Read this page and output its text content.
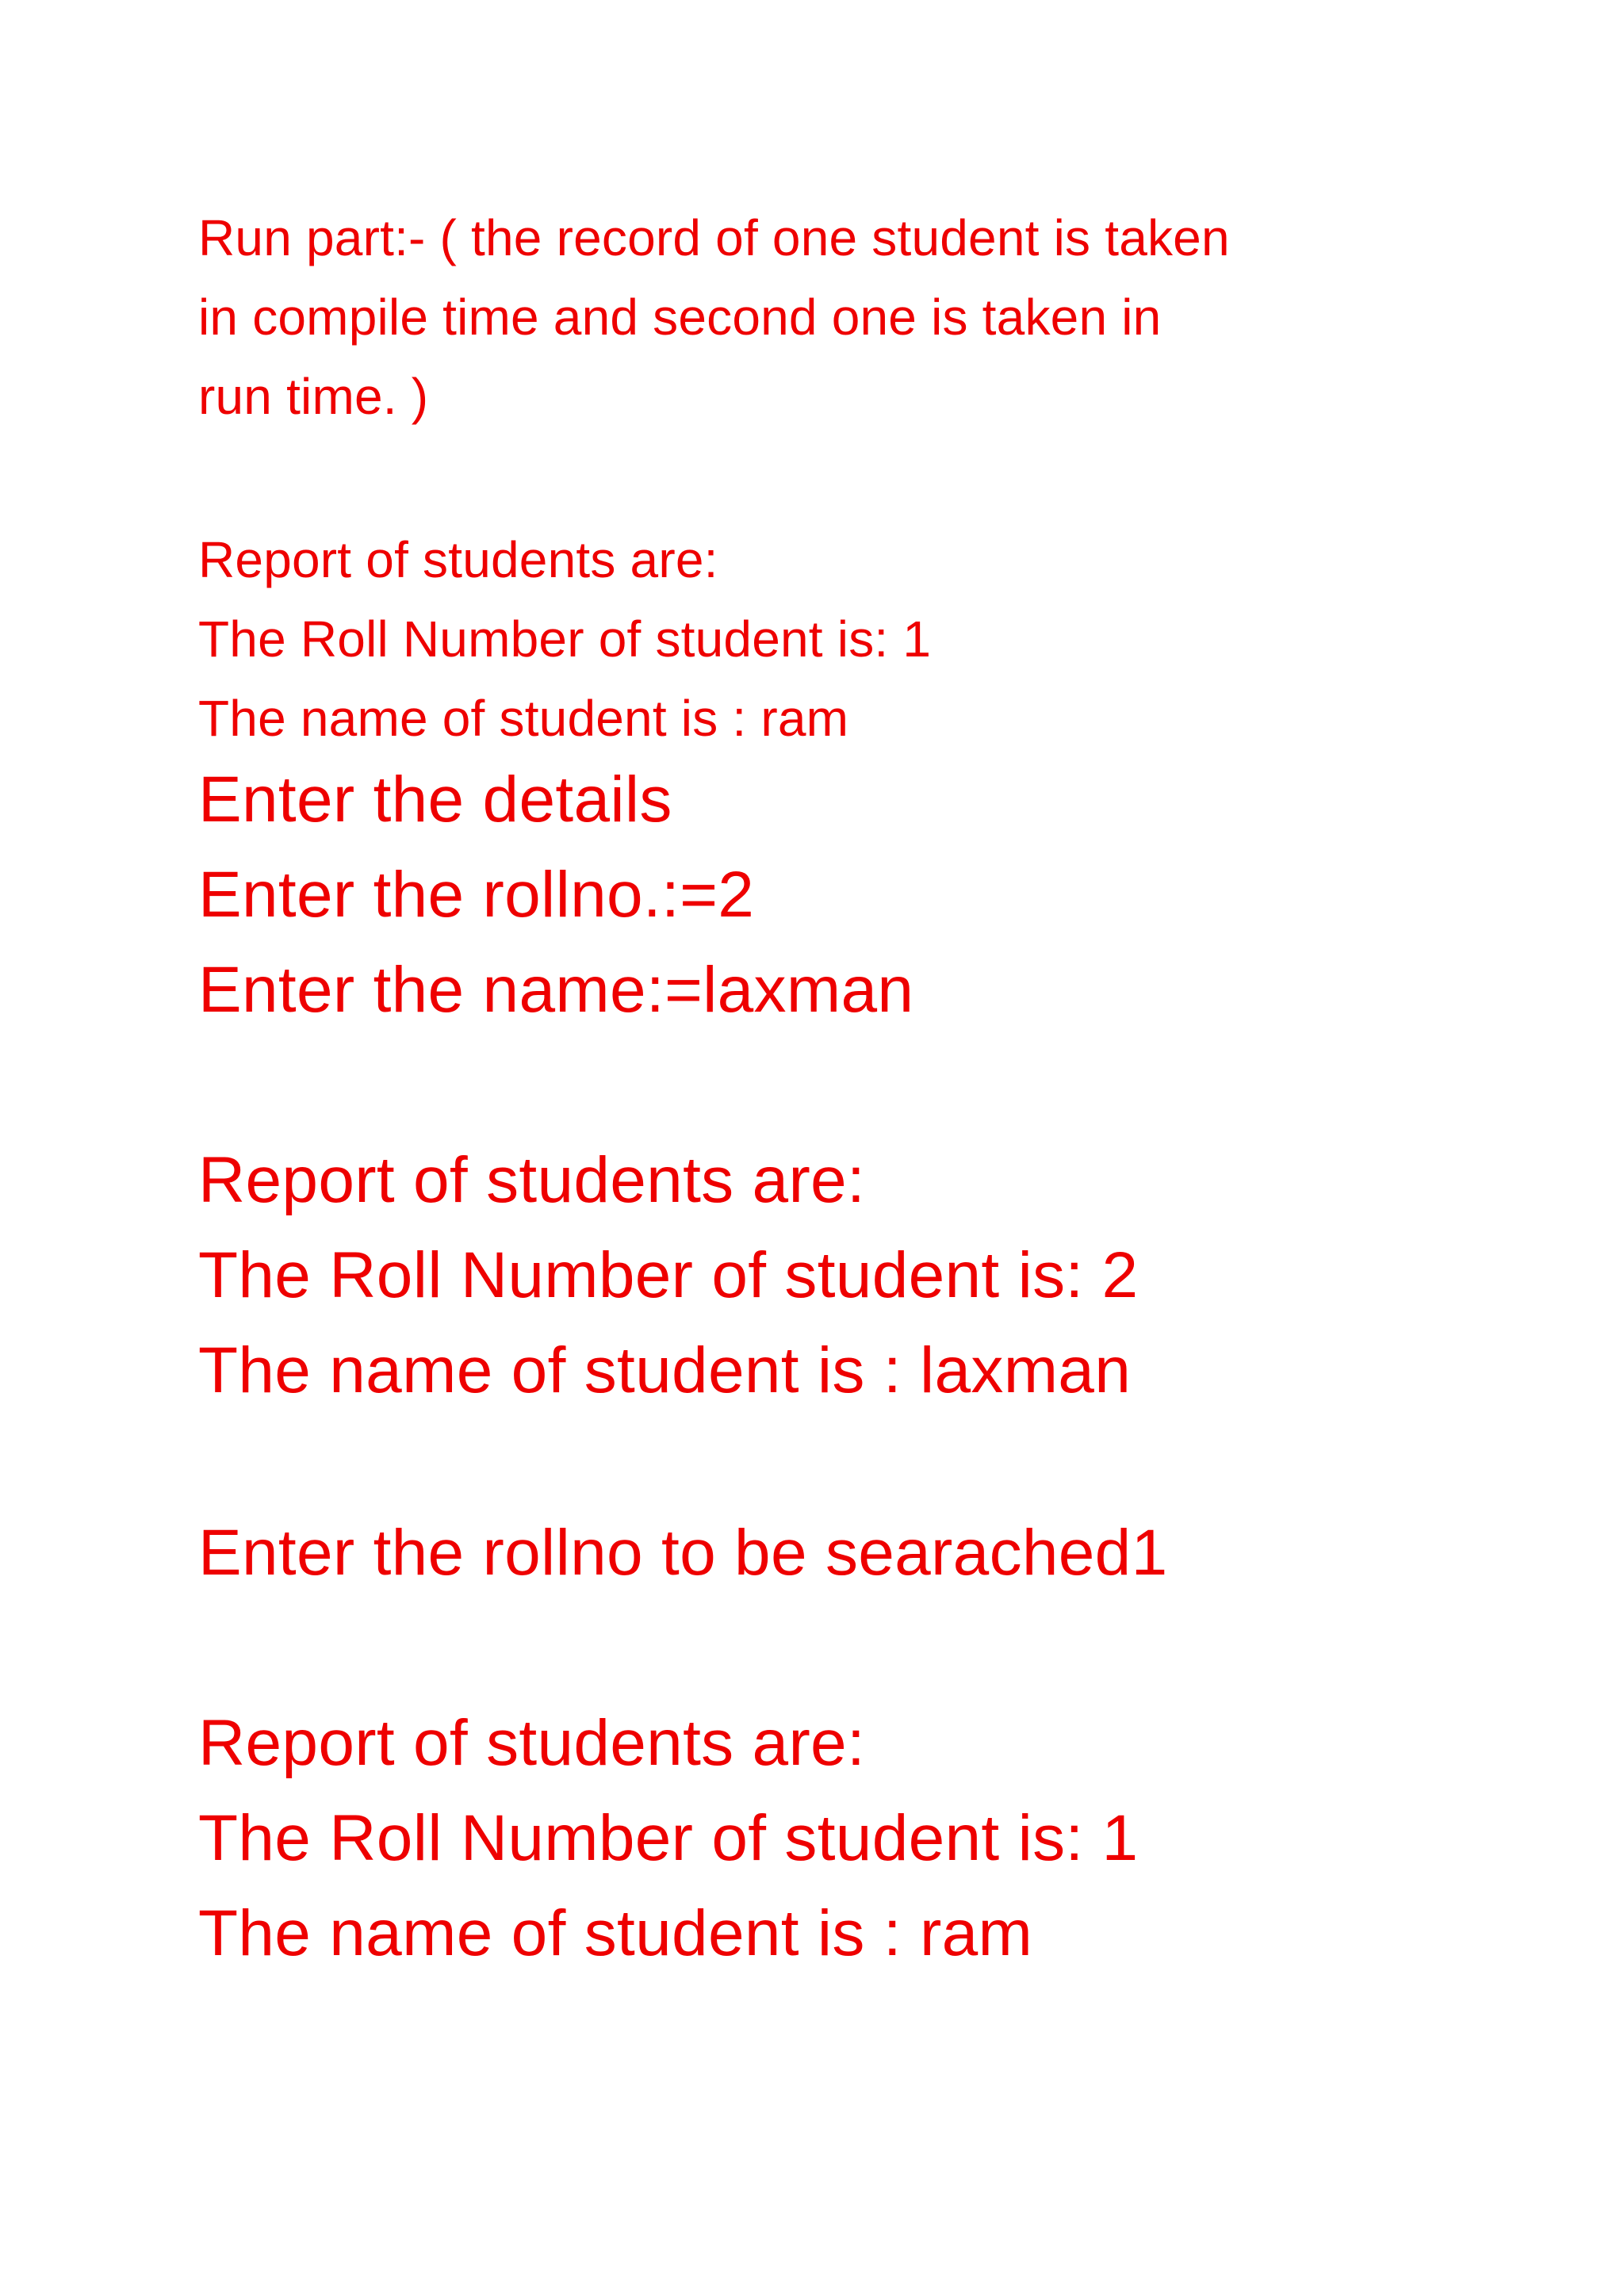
Run part:- ( the record of one student is taken
in compile time and second one is taken in
run time. )
Report of students are:
The Roll Number of student is: 1
The name of student is : ram
Enter the details
Enter the rollno.:=2
Enter the name:=laxman
Report of students are:
The Roll Number of student is: 2
The name of student is : laxman
Enter the rollno to be searached1
Report of students are:
The Roll Number of student is: 1
The name of student is : ram
